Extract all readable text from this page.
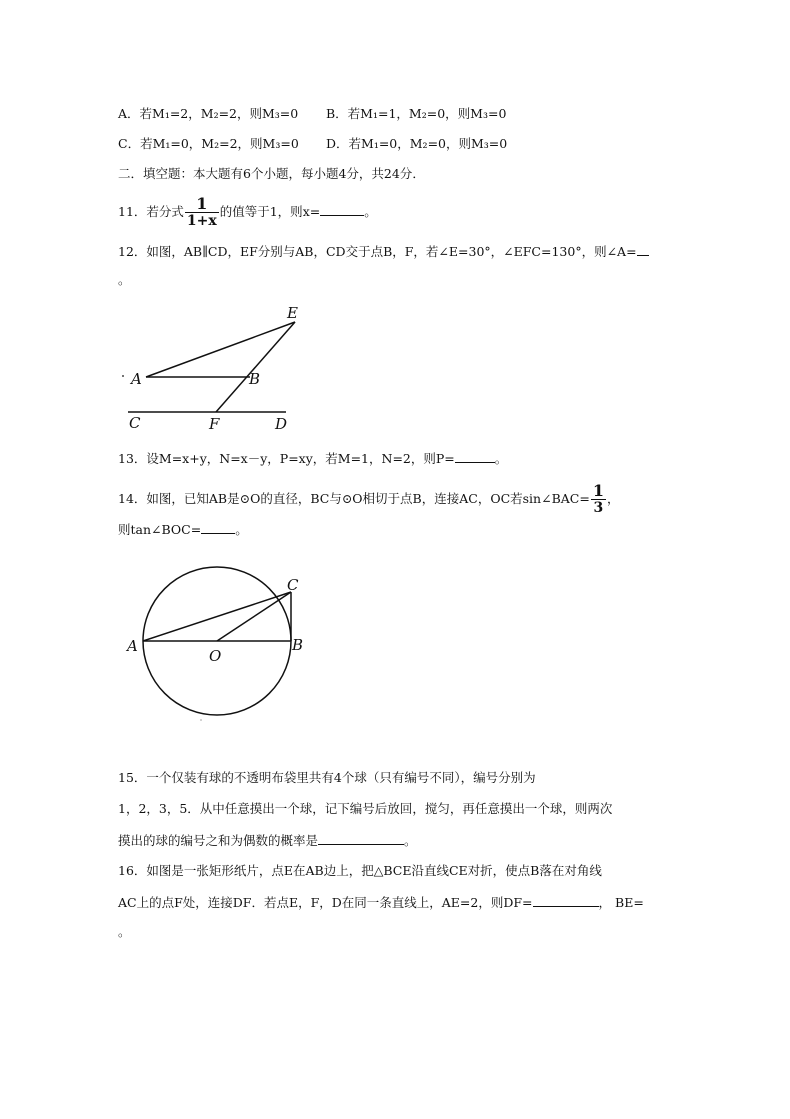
A．若M₁=2，M₂=2，则M₃=0 B．若M₁=1，M₂=0，则M₃=0
C．若M₁=0，M₂=2，则M₃=0 D．若M₁=0，M₂=0，则M₃=0
二．填空题：本大题有6个小题，每小题4分，共24分．
11．若分式 $\frac{1}{1+x}$ 的值等于1，则x=	。
12．如图，AB∥CD，EF分别与AB，CD交于点B，F，若∠E=30°，∠EFC=130°，则∠A=
。
E
A	B
C	F	D
13．设M=x+y，N=x－y，P=xy，若M=1，N=2，则P=	。
14．如图，已知AB是⊙O的直径，BC与⊙O相切于点B，连接AC，OC若sin∠BAC= $\frac{1}{3}$ ，
则tan∠BOC=	。
A
O
B
C
15．一个仅装有球的不透明布袋里共有4个球（只有编号不同），编号分别为
1，2，3，5．从中任意摸出一个球，记下编号后放回，搅匀，再任意摸出一个球，则两次
摸出的球的编号之和为偶数的概率是	。
16．如图是一张矩形纸片，点E在AB边上，把△BCE沿直线CE对折，使点B落在对角线
AC上的点F处，连接DF．若点E，F，D在同一条直线上，AE=2，则DF=	， BE=
。
